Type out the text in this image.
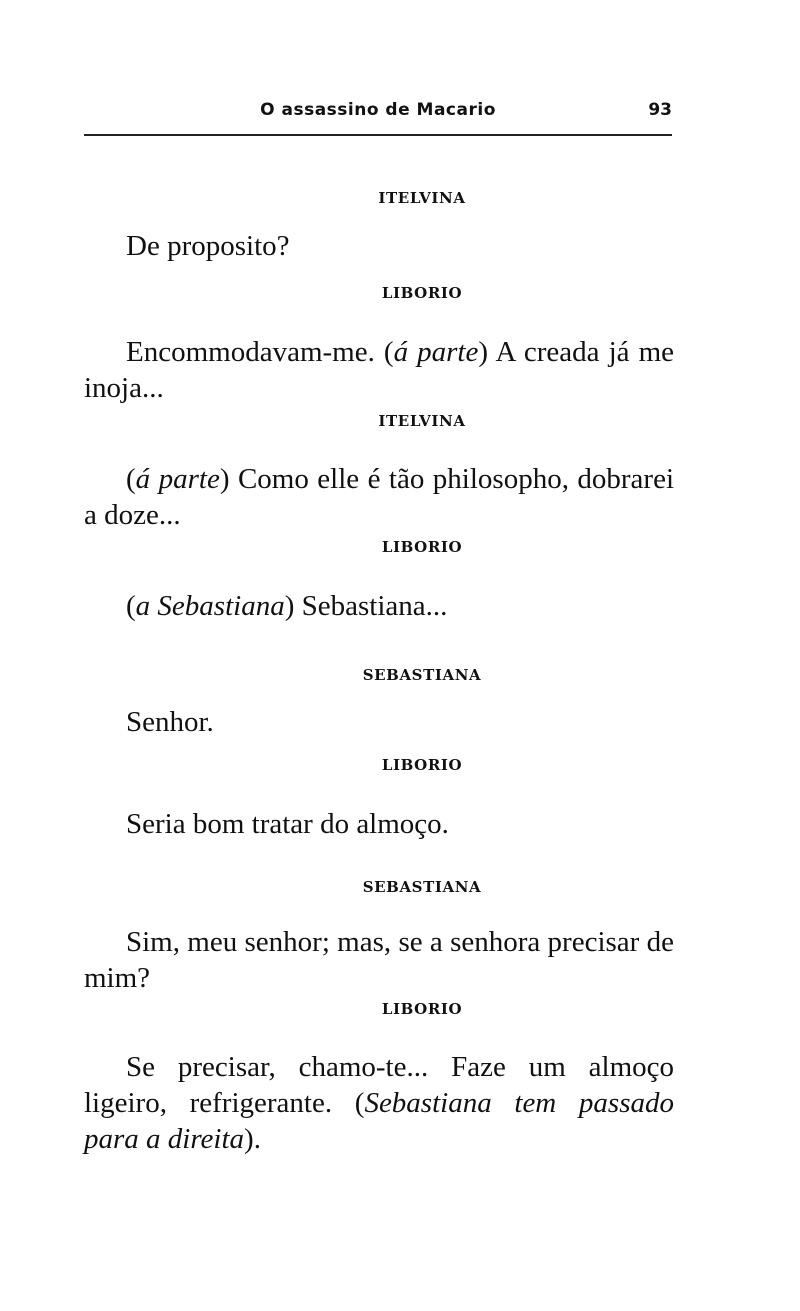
O assassino de Macario	93
ITELVINA
De proposito?
LIBORIO
Encommodavam-me. (á parte) A creada já me inoja...
ITELVINA
(á parte) Como elle é tão philosopho, dobrarei a doze...
LIBORIO
(a Sebastiana) Sebastiana...
SEBASTIANA
Senhor.
LIBORIO
Seria bom tratar do almoço.
SEBASTIANA
Sim, meu senhor; mas, se a senhora precisar de mim?
LIBORIO
Se precisar, chamo-te... Faze um almoço ligeiro, refrigerante. (Sebastiana tem passado para a direita).
